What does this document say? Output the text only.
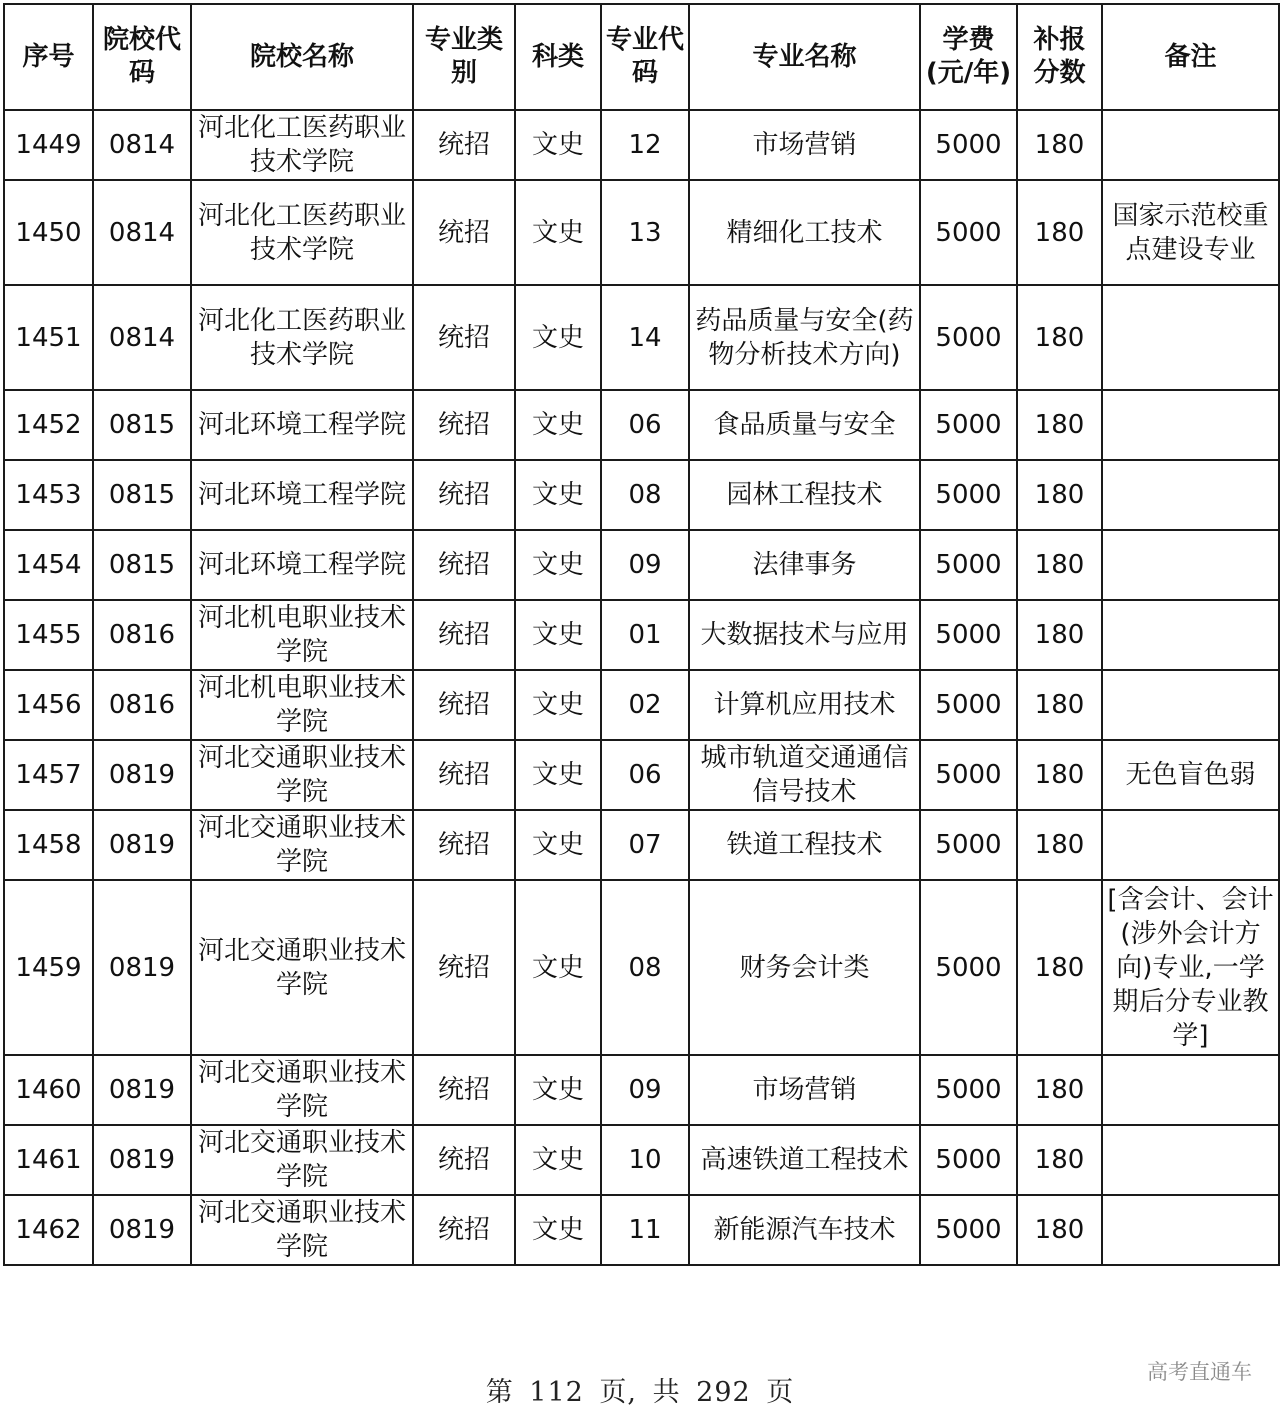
序号	院校代码	院校名称	专业类别	科类	专业代码	专业名称	学费(元/年)	补报分数	备注
1449	0814	河北化工医药职业技术学院	统招	文史	12	市场营销	5000	180	
1450	0814	河北化工医药职业技术学院	统招	文史	13	精细化工技术	5000	180	国家示范校重点建设专业
1451	0814	河北化工医药职业技术学院	统招	文史	14	药品质量与安全(药物分析技术方向)	5000	180	
1452	0815	河北环境工程学院	统招	文史	06	食品质量与安全	5000	180	
1453	0815	河北环境工程学院	统招	文史	08	园林工程技术	5000	180	
1454	0815	河北环境工程学院	统招	文史	09	法律事务	5000	180	
1455	0816	河北机电职业技术学院	统招	文史	01	大数据技术与应用	5000	180	
1456	0816	河北机电职业技术学院	统招	文史	02	计算机应用技术	5000	180	
1457	0819	河北交通职业技术学院	统招	文史	06	城市轨道交通通信信号技术	5000	180	无色盲色弱
1458	0819	河北交通职业技术学院	统招	文史	07	铁道工程技术	5000	180	
1459	0819	河北交通职业技术学院	统招	文史	08	财务会计类	5000	180	[含会计、会计(涉外会计方向)专业,一学期后分专业教学]
1460	0819	河北交通职业技术学院	统招	文史	09	市场营销	5000	180	
1461	0819	河北交通职业技术学院	统招	文史	10	高速铁道工程技术	5000	180	
1462	0819	河北交通职业技术学院	统招	文史	11	新能源汽车技术	5000	180	
第 112 页, 共 292 页
高考直通车
